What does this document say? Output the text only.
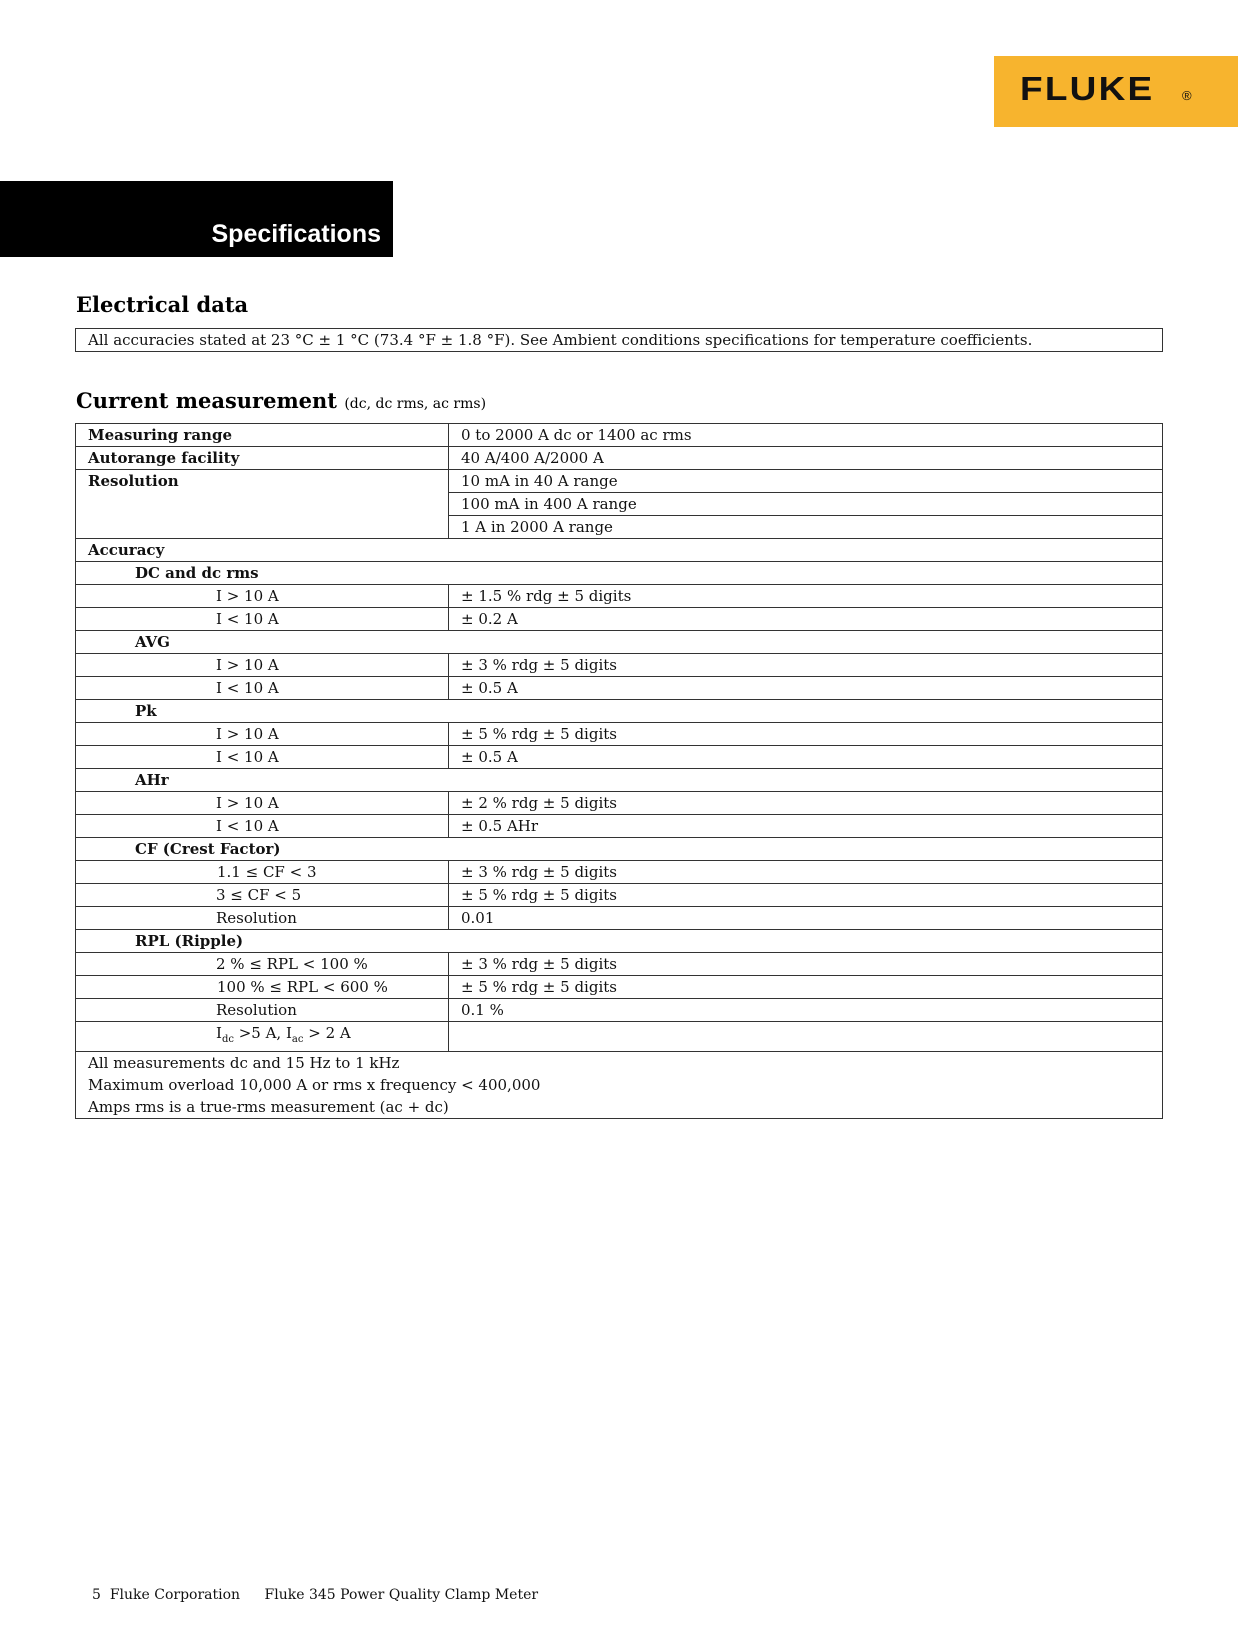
FLUKE ®
Specifications
Electrical data
All accuracies stated at 23 °C ± 1 °C (73.4 °F ± 1.8 °F). See Ambient conditions specifications for temperature coefficients.
Current measurement (dc, dc rms, ac rms)
Measuring range	0 to 2000 A dc or 1400 ac rms
Autorange facility	40 A/400 A/2000 A
Resolution	10 mA in 40 A range
	100 mA in 400 A range
	1 A in 2000 A range
Accuracy	
DC and dc rms	
I > 10 A	± 1.5 % rdg ± 5 digits
I < 10 A	± 0.2 A
AVG	
I > 10 A	± 3 % rdg ± 5 digits
I < 10 A	± 0.5 A
Pk	
I > 10 A	± 5 % rdg ± 5 digits
I < 10 A	± 0.5 A
AHr	
I > 10 A	± 2 % rdg ± 5 digits
I < 10 A	± 0.5 AHr
CF (Crest Factor)	
1.1 ≤ CF < 3	± 3 % rdg ± 5 digits
3 ≤ CF < 5	± 5 % rdg ± 5 digits
Resolution	0.01
RPL (Ripple)	
2 % ≤ RPL < 100 %	± 3 % rdg ± 5 digits
100 % ≤ RPL < 600 %	± 5 % rdg ± 5 digits
Resolution	0.1 %
$I_{dc} >5$ A, $I_{ac} > 2$ A	

All measurements dc and 15 Hz to 1 kHz
Maximum overload 10,000 A or rms x frequency < 400,000
Amps rms is a true-rms measurement (ac + dc)	
5 Fluke Corporation Fluke 345 Power Quality Clamp Meter
